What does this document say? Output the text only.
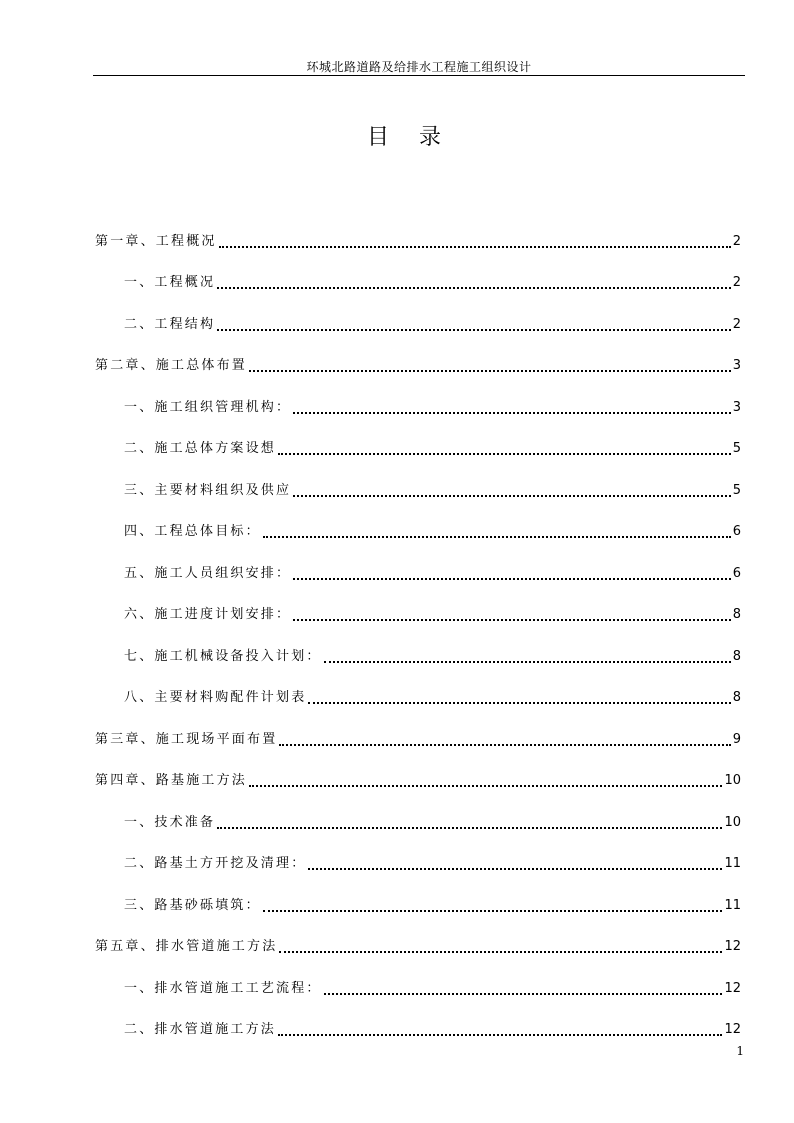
环城北路道路及给排水工程施工组织设计
目录
第一章、工程概况	2
一、工程概况	2
二、工程结构	2
第二章、施工总体布置	3
一、施工组织管理机构：	3
二、施工总体方案设想	5
三、主要材料组织及供应	5
四、工程总体目标：	6
五、施工人员组织安排：	6
六、施工进度计划安排：	8
七、施工机械设备投入计划：	8
八、主要材料购配件计划表	8
第三章、施工现场平面布置	9
第四章、路基施工方法	10
一、技术准备	10
二、路基土方开挖及清理：	11
三、路基砂砾填筑：	11
第五章、排水管道施工方法	12
一、排水管道施工工艺流程：	12
二、排水管道施工方法	12
1
